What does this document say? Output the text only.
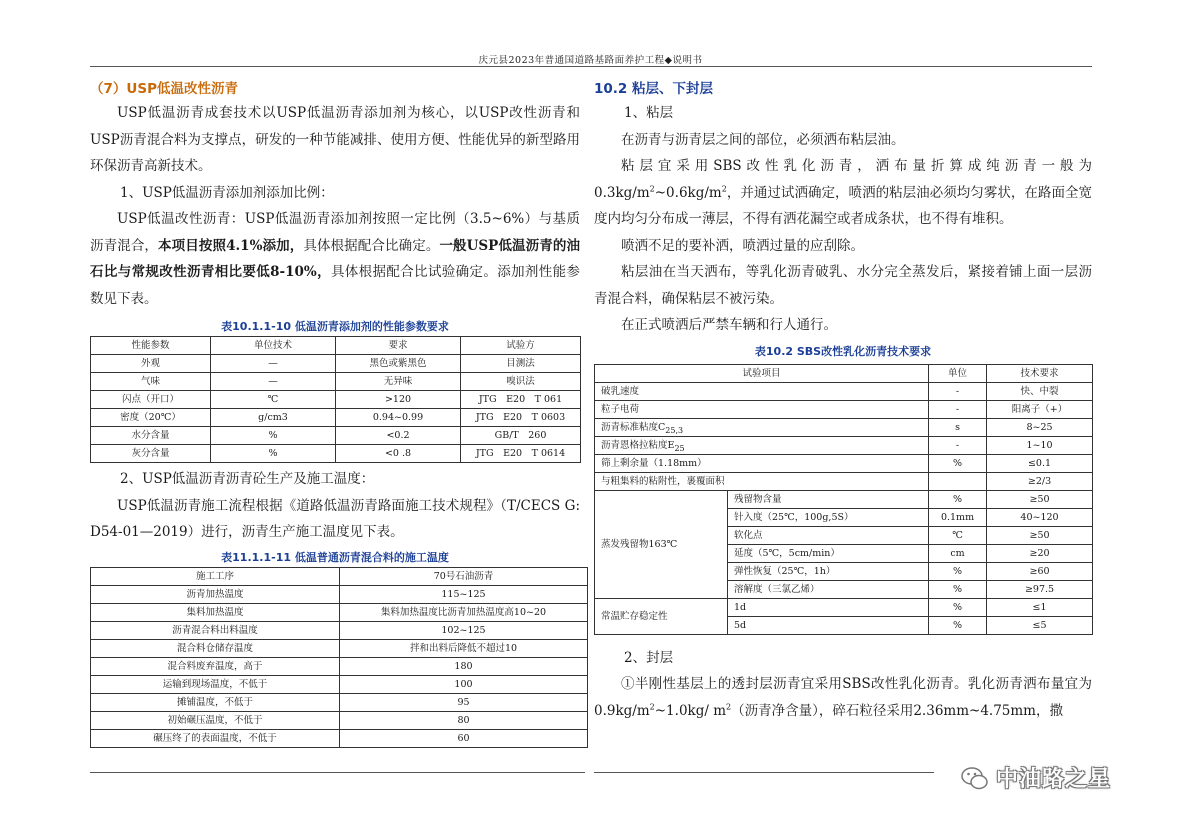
庆元县2023年普通国道路基路面养护工程◆说明书
（7）USP低温改性沥青
USP低温沥青成套技术以USP低温沥青添加剂为核心，以USP改性沥青和USP沥青混合料为支撑点，研发的一种节能减排、使用方便、性能优异的新型路用环保沥青高新技术。
1、USP低温沥青添加剂添加比例：
USP低温改性沥青：USP低温沥青添加剂按照一定比例（3.5~6%）与基质沥青混合，本项目按照4.1%添加，具体根据配合比确定。一般USP低温沥青的油石比与常规改性沥青相比要低8-10%，具体根据配合比试验确定。添加剂性能参数见下表。
表10.1.1-10 低温沥青添加剂的性能参数要求
性能参数	单位技术	要求	试验方
外观	—	黑色或紫黑色	目测法
气味	—	无异味	嗅识法
闪点（开口）	℃	>120	JTG　E20　T 061
密度（20℃）	g/cm3	0.94~0.99	JTG　E20　T 0603
水分含量	%	<0.2	GB/T　260
灰分含量	%	<0 .8	JTG　E20　T 0614
2、USP低温沥青沥青砼生产及施工温度：
USP低温沥青施工流程根据《道路低温沥青路面施工技术规程》（T/CECS G: D54-01—2019）进行，沥青生产施工温度见下表。
表11.1.1-11 低温普通沥青混合料的施工温度
施工工序	70号石油沥青
沥青加热温度	115~125
集料加热温度	集料加热温度比沥青加热温度高10~20
沥青混合料出料温度	102~125
混合料仓储存温度	拌和出料后降低不超过10
混合料废弃温度，高于	180
运输到现场温度，不低于	100
摊铺温度，不低于	95
初始碾压温度，不低于	80
碾压终了的表面温度，不低于	60
10.2 粘层、下封层
1、粘层
在沥青与沥青层之间的部位，必须洒布粘层油。
粘层宜采用SBS改性乳化沥青，洒布量折算成纯沥青一般为$0.3kg/m^2\sim 0.6kg/m^2$，并通过试洒确定，喷洒的粘层油必须均匀雾状，在路面全宽度内均匀分布成一薄层，不得有洒花漏空或者成条状，也不得有堆积。
喷洒不足的要补洒，喷洒过量的应刮除。
粘层油在当天洒布，等乳化沥青破乳、水分完全蒸发后，紧接着铺上面一层沥青混合料，确保粘层不被污染。
在正式喷洒后严禁车辆和行人通行。
表10.2 SBS改性乳化沥青技术要求
试验项目		单位	技术要求
破乳速度		-	快、中裂
粒子电荷		-	阳离子（+）
沥青标准粘度$C_{25,3}$		s	8~25
沥青恩格拉粘度$E_{25}$		-	1~10
筛上剩余量（1.18mm）		%	≤0.1
与粗集料的粘附性，裹覆面积			≥2/3
蒸发残留物163℃	残留物含量	%	≥50
	针入度（25℃，100g,5S）	0.1mm	40~120
	软化点	℃	≥50
	延度（5℃，5cm/min）	cm	≥20
	弹性恢复（25℃，1h）	%	≥60
	溶解度（三氯乙烯）	%	≥97.5
常温贮存稳定性	1d	%	≤1
	5d	%	≤5
2、封层
①半刚性基层上的透封层沥青宜采用SBS改性乳化沥青。乳化沥青洒布量宜为$0.9kg/m^2\sim 1.0kg/$ $m^2$（沥青净含量），碎石粒径采用2.36mm~4.75mm，撒
中油路之星
